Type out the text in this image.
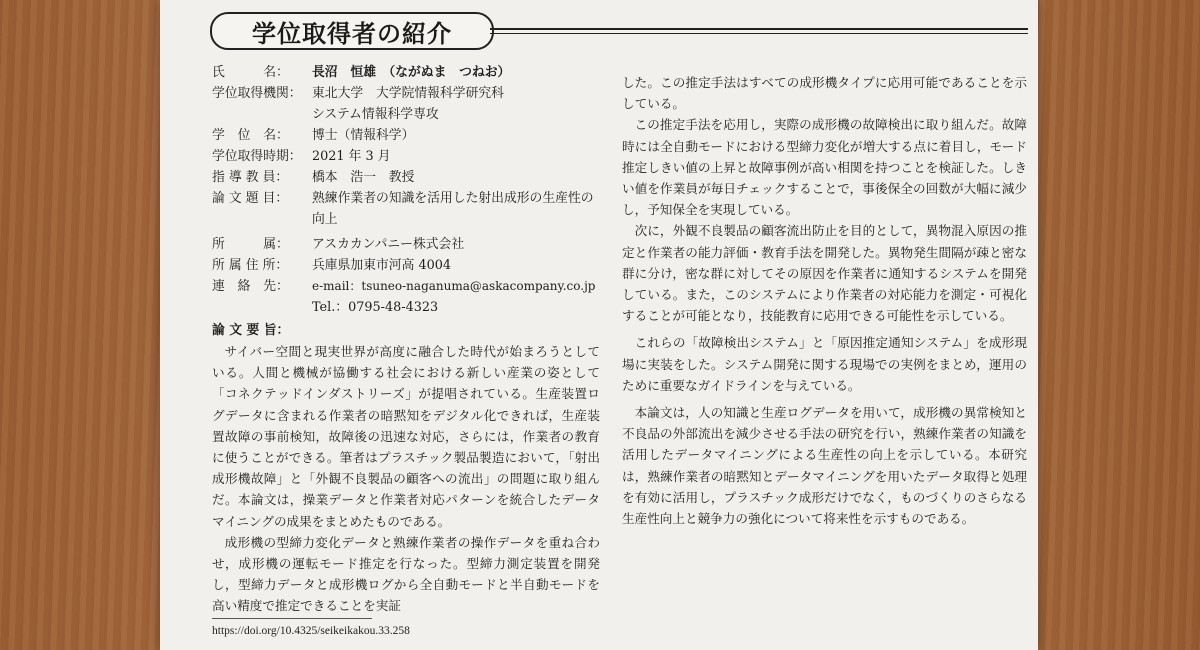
学位取得者の紹介
氏　　　名：	長沼　恒雄　（ながぬま　つねお）
学位取得機関： 東北大学　大学院情報科学研究科
システム情報科学専攻
学　位　名：	博士（情報科学）
学位取得時期： 2021 年 3 月
指 導 教 員：	橋本　浩一　教授
論 文 題 目：	熟練作業者の知識を活用した射出成形の生産性の向上
所　　　属：	アスカカンパニー株式会社
所 属 住 所：	兵庫県加東市河高 4004
連　絡　先：	e-mail：tsuneo-naganuma@askacompany.co.jp
Tel.：0795-48-4323
論 文 要 旨：

サイバー空間と現実世界が高度に融合した時代が始まろうとしている。人間と機械が協働する社会における新しい産業の姿として「コネクテッドインダストリーズ」が提唱されている。生産装置ログデータに含まれる作業者の暗黙知をデジタル化できれば，生産装置故障の事前検知，故障後の迅速な対応，さらには，作業者の教育に使うことができる。筆者はプラスチック製品製造において，「射出成形機故障」と「外観不良製品の顧客への流出」の問題に取り組んだ。本論文は，操業データと作業者対応パターンを統合したデータマイニングの成果をまとめたものである。

成形機の型締力変化データと熟練作業者の操作データを重ね合わせ，成形機の運転モード推定を行なった。型締力測定装置を開発し，型締力データと成形機ログから全自動モードと半自動モードを高い精度で推定できることを実証

した。この推定手法はすべての成形機タイプに応用可能であることを示している。

この推定手法を応用し，実際の成形機の故障検出に取り組んだ。故障時には全自動モードにおける型締力変化が増大する点に着目し，モード推定しきい値の上昇と故障事例が高い相関を持つことを検証した。しきい値を作業員が毎日チェックすることで，事後保全の回数が大幅に減少し，予知保全を実現している。

次に，外観不良製品の顧客流出防止を目的として，異物混入原因の推定と作業者の能力評価・教育手法を開発した。異物発生間隔が疎と密な群に分け，密な群に対してその原因を作業者に通知するシステムを開発している。また，このシステムにより作業者の対応能力を測定・可視化することが可能となり，技能教育に応用できる可能性を示している。

これらの「故障検出システム」と「原因推定通知システム」を成形現場に実装をした。システム開発に関する現場での実例をまとめ，運用のために重要なガイドラインを与えている。

本論文は，人の知識と生産ログデータを用いて，成形機の異常検知と不良品の外部流出を減少させる手法の研究を行い，熟練作業者の知識を活用したデータマイニングによる生産性の向上を示している。本研究は，熟練作業者の暗黙知とデータマイニングを用いたデータ取得と処理を有効に活用し，プラスチック成形だけでなく，ものづくりのさらなる生産性向上と競争力の強化について将来性を示すものである。

https://doi.org/10.4325/seikeikakou.33.258
